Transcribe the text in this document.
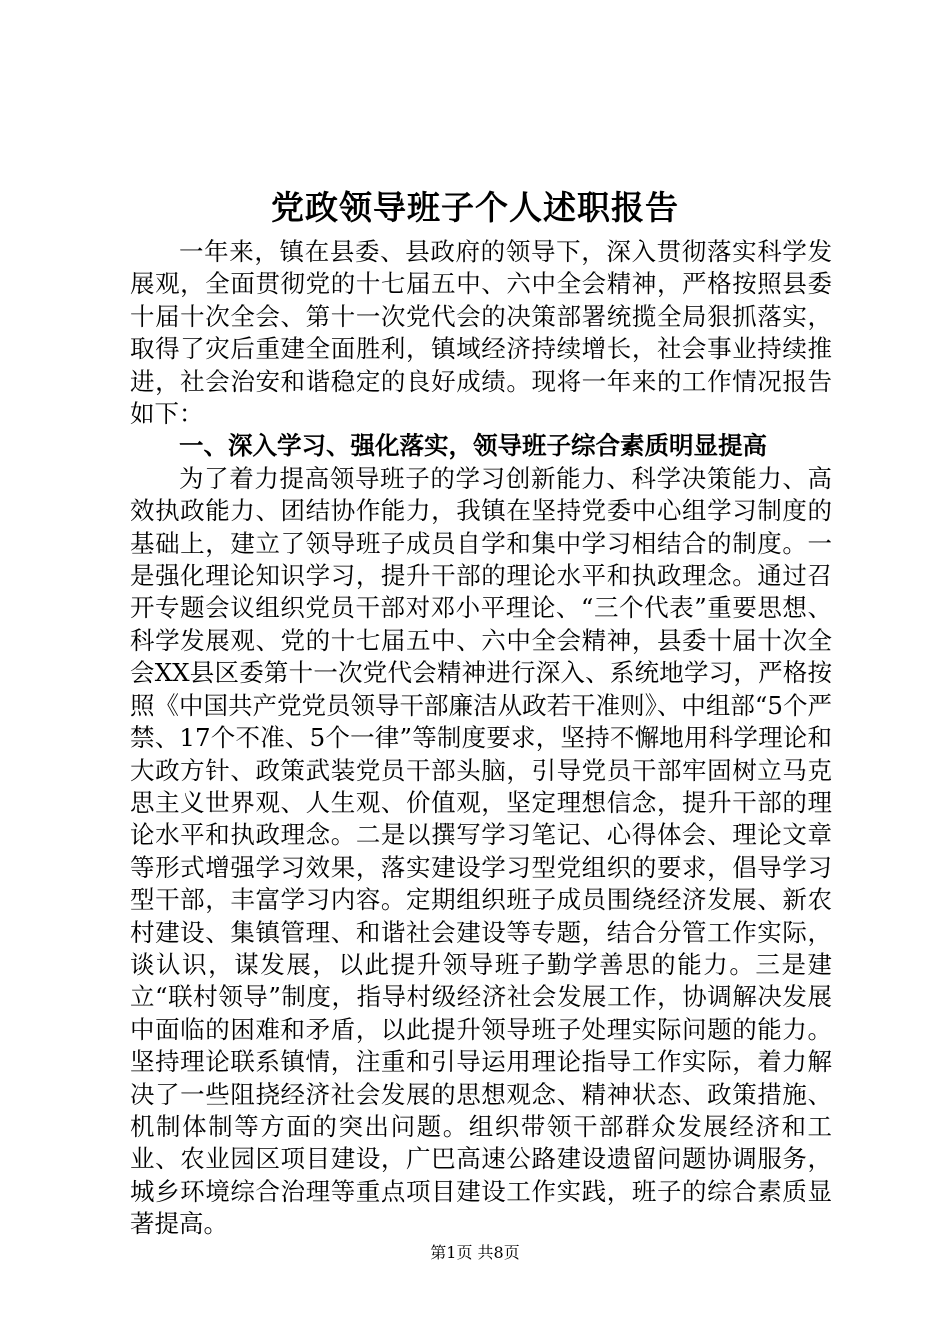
党政领导班子个人述职报告

一年来，镇在县委、县政府的领导下，深入贯彻落实科学发展观，全面贯彻党的十七届五中、六中全会精神，严格按照县委十届十次全会、第十一次党代会的决策部署统揽全局狠抓落实，取得了灾后重建全面胜利，镇域经济持续增长，社会事业持续推进，社会治安和谐稳定的良好成绩。现将一年来的工作情况报告如下：

一、深入学习、强化落实，领导班子综合素质明显提高

为了着力提高领导班子的学习创新能力、科学决策能力、高效执政能力、团结协作能力，我镇在坚持党委中心组学习制度的基础上，建立了领导班子成员自学和集中学习相结合的制度。一是强化理论知识学习，提升干部的理论水平和执政理念。通过召开专题会议组织党员干部对邓小平理论、“三个代表”重要思想、科学发展观、党的十七届五中、六中全会精神，县委十届十次全会XX县区委第十一次党代会精神进行深入、系统地学习，严格按照《中国共产党党员领导干部廉洁从政若干准则》、中组部“5个严禁、17个不准、5个一律”等制度要求，坚持不懈地用科学理论和大政方针、政策武装党员干部头脑，引导党员干部牢固树立马克思主义世界观、人生观、价值观，坚定理想信念，提升干部的理论水平和执政理念。二是以撰写学习笔记、心得体会、理论文章等形式增强学习效果，落实建设学习型党组织的要求，倡导学习型干部，丰富学习内容。定期组织班子成员围绕经济发展、新农村建设、集镇管理、和谐社会建设等专题，结合分管工作实际，谈认识，谋发展，以此提升领导班子勤学善思的能力。三是建立“联村领导”制度，指导村级经济社会发展工作，协调解决发展中面临的困难和矛盾，以此提升领导班子处理实际问题的能力。坚持理论联系镇情，注重和引导运用理论指导工作实际，着力解决了一些阻挠经济社会发展的思想观念、精神状态、政策措施、机制体制等方面的突出问题。组织带领干部群众发展经济和工业、农业园区项目建设，广巴高速公路建设遗留问题协调服务，城乡环境综合治理等重点项目建设工作实践，班子的综合素质显著提高。

第1页 共8页
